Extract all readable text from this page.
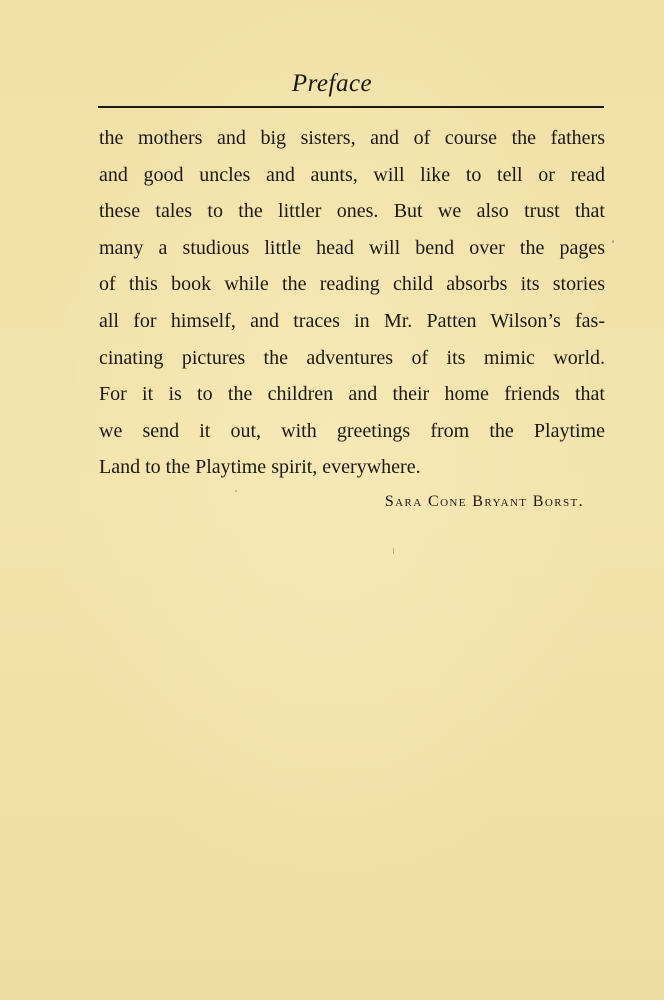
Preface
the mothers and big sisters, and of course the fathers
and good uncles and aunts, will like to tell or read
these tales to the littler ones. But we also trust that
many a studious little head will bend over the pages
of this book while the reading child absorbs its stories
all for himself, and traces in Mr. Patten Wilson’s fas-
cinating pictures the adventures of its mimic world.
For it is to the children and their home friends that
we send it out, with greetings from the Playtime
Land to the Playtime spirit, everywhere.
Sara Cone Bryant Borst.
